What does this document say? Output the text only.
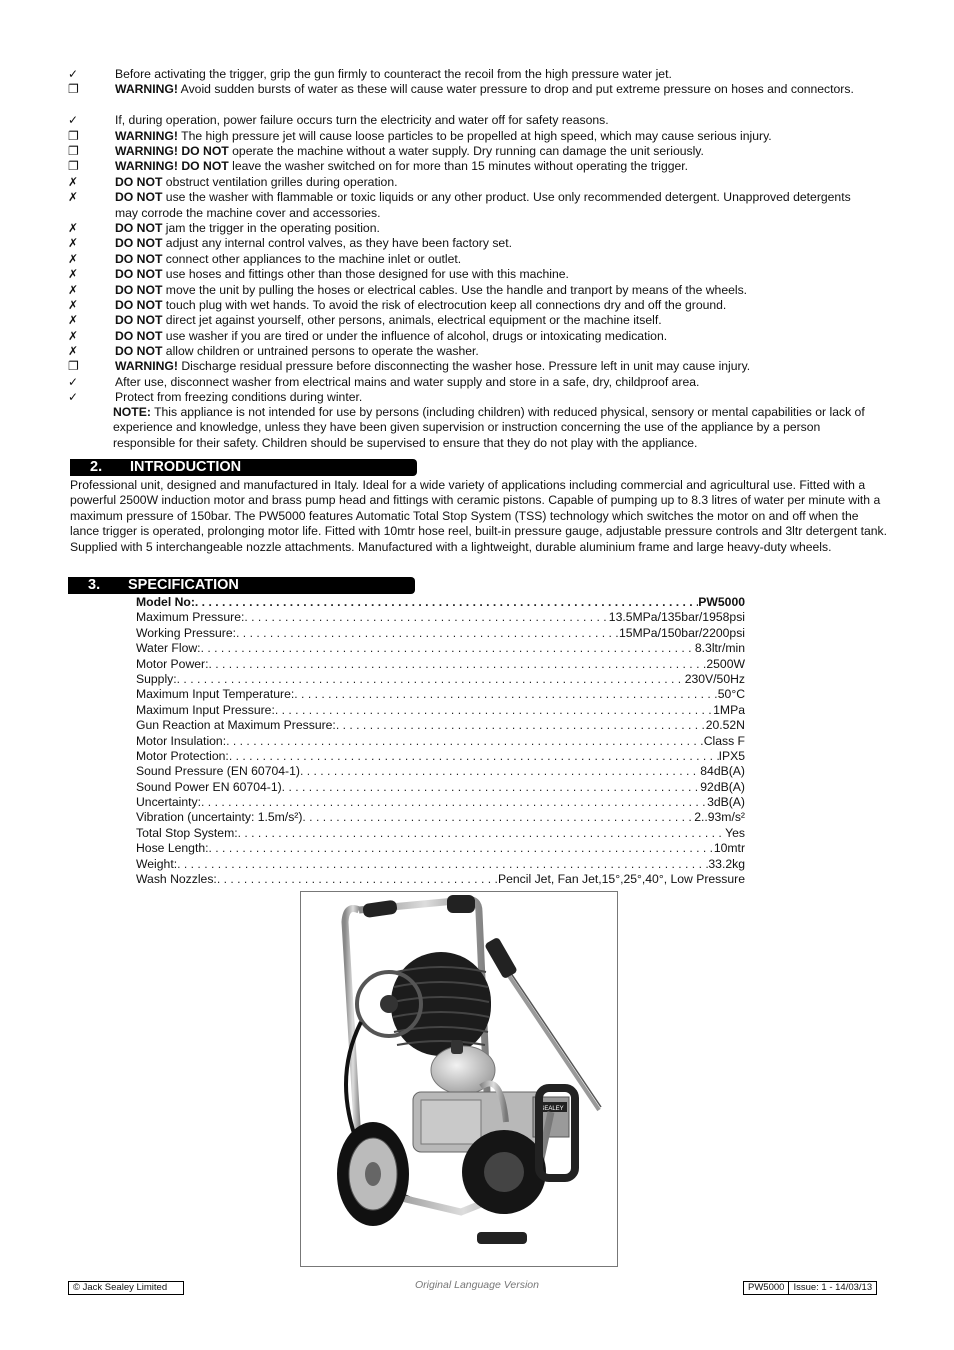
✓	Before activating the trigger, grip the gun firmly to counteract the recoil from the high pressure water jet.
❐	WARNING! Avoid sudden bursts of water as these will cause water pressure to drop and put extreme pressure on hoses and connectors.
✓	If, during operation, power failure occurs turn the electricity and water off for safety reasons.
❐	WARNING! The high pressure jet will cause loose particles to be propelled at high speed, which may cause serious injury.
❐	WARNING! DO NOT operate the machine without a water supply. Dry running can damage the unit seriously.
❐	WARNING! DO NOT leave the washer switched on for more than 15 minutes without operating the trigger.
✗	DO NOT obstruct ventilation grilles during operation.
✗	DO NOT use the washer with flammable or toxic liquids or any other product. Use only recommended detergent. Unapproved detergents may corrode the machine cover and accessories.
✗	DO NOT jam the trigger in the operating position.
✗	DO NOT adjust any internal control valves, as they have been factory set.
✗	DO NOT connect other appliances to the machine inlet or outlet.
✗	DO NOT use hoses and fittings other than those designed for use with this machine.
✗	DO NOT move the unit by pulling the hoses or electrical cables. Use the handle and tranport by means of the wheels.
✗	DO NOT touch plug with wet hands. To avoid the risk of electrocution keep all connections dry and off the ground.
✗	DO NOT direct jet against yourself, other persons, animals, electrical equipment or the machine itself.
✗	DO NOT use washer if you are tired or under the influence of alcohol, drugs or intoxicating medication.
✗	DO NOT allow children or untrained persons to operate the washer.
❐	WARNING! Discharge residual pressure before disconnecting the washer hose. Pressure left in unit may cause injury.
✓	After use, disconnect washer from electrical mains and water supply and store in a safe, dry, childproof area.
✓	Protect from freezing conditions during winter.
NOTE: This appliance is not intended for use by persons (including children) with reduced physical, sensory or mental capabilities or lack of experience and knowledge, unless they have been given supervision or instruction concerning the use of the appliance by a person responsible for their safety. Children should be supervised to ensure that they do not play with the appliance.
2. INTRODUCTION
Professional unit, designed and manufactured in Italy. Ideal for a wide variety of applications including commercial and agricultural use. Fitted with a powerful 2500W induction motor and brass pump head and fittings with ceramic pistons. Capable of pumping up to 8.3 litres of water per minute with a maximum pressure of 150bar. The PW5000 features Automatic Total Stop System (TSS) technology which switches the motor on and off when the lance trigger is operated, prolonging motor life. Fitted with 10mtr hose reel, built-in pressure gauge, adjustable pressure controls and 3ltr detergent tank. Supplied with 5 interchangeable nozzle attachments. Manufactured with a lightweight, durable aluminium frame and large heavy-duty wheels.
3. SPECIFICATION
Model No: . . .	PW5000
Maximum Pressure: . . .	13.5MPa/135bar/1958psi
Working Pressure: . . .	15MPa/150bar/2200psi
Water Flow: . . .	8.3ltr/min
Motor Power: . . .	2500W
Supply: . . .	230V/50Hz
Maximum Input Temperature: . . .	50°C
Maximum Input Pressure: . . .	1MPa
Gun Reaction at Maximum Pressure: . . .	20.52N
Motor Insulation: . . .	Class F
Motor Protection: . . .	IPX5
Sound Pressure (EN 60704-1) . . .	84dB(A)
Sound Power EN 60704-1) . . .	92dB(A)
Uncertainty: . . .	3dB(A)
Vibration (uncertainty: 1.5m/s²) . . .	2..93m/s²
Total Stop System: . . .	Yes
Hose Length: . . .	10mtr
Weight: . . .	33.2kg
Wash Nozzles: . . .	Pencil Jet, Fan Jet,15°,25°,40°, Low Pressure
SEALEY
© Jack Sealey Limited	Original Language Version	PW5000 Issue: 1 - 14/03/13
